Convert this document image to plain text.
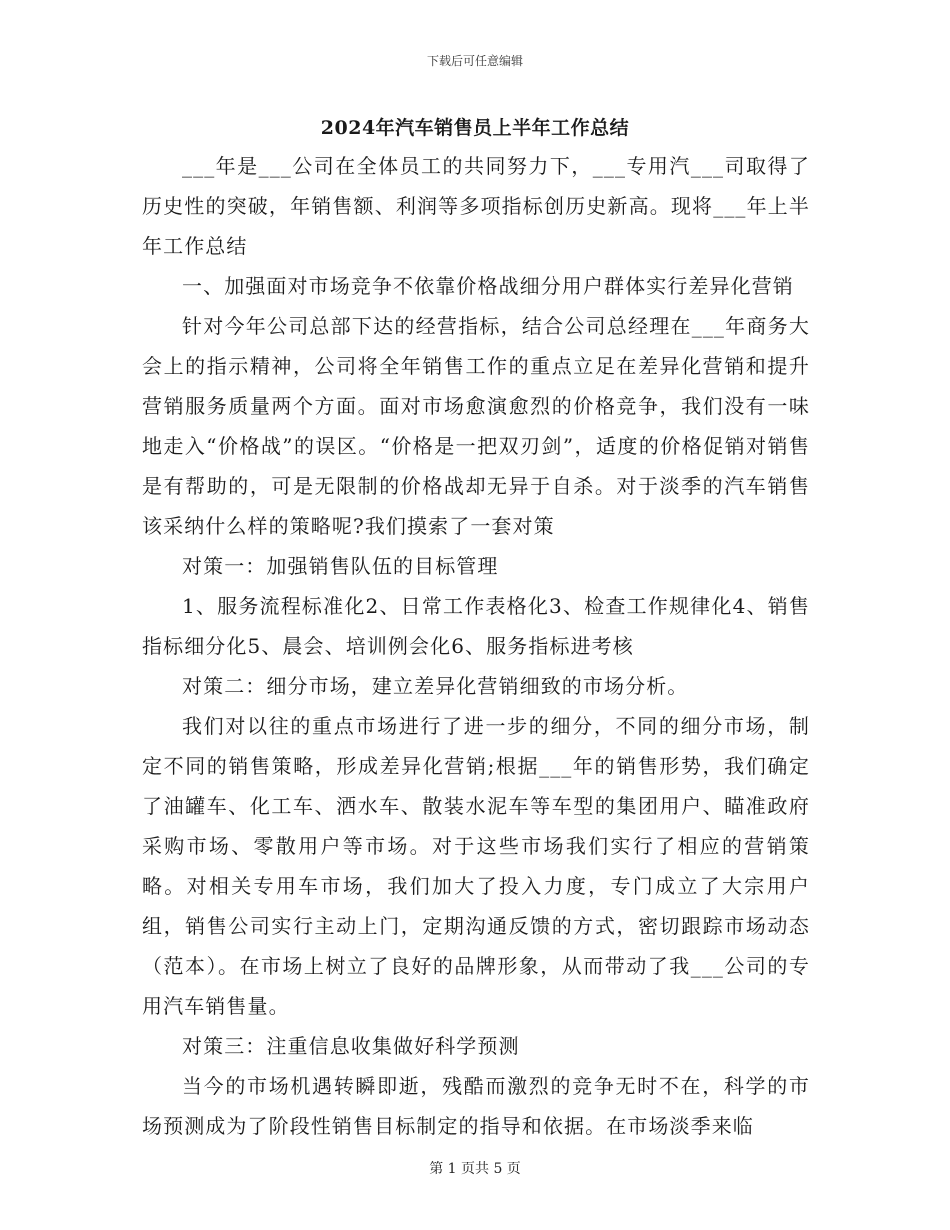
下载后可任意编辑
2024年汽车销售员上半年工作总结

___年是___公司在全体员工的共同努力下，___专用汽___司取得了历史性的突破，年销售额、利润等多项指标创历史新高。现将___年上半年工作总结

一、加强面对市场竞争不依靠价格战细分用户群体实行差异化营销

针对今年公司总部下达的经营指标，结合公司总经理在___年商务大会上的指示精神，公司将全年销售工作的重点立足在差异化营销和提升营销服务质量两个方面。面对市场愈演愈烈的价格竞争，我们没有一味地走入“价格战”的误区。“价格是一把双刃剑”，适度的价格促销对销售是有帮助的，可是无限制的价格战却无异于自杀。对于淡季的汽车销售该采纳什么样的策略呢?我们摸索了一套对策

对策一：加强销售队伍的目标管理

1、服务流程标准化2、日常工作表格化3、检查工作规律化4、销售指标细分化5、晨会、培训例会化6、服务指标进考核

对策二：细分市场，建立差异化营销细致的市场分析。

我们对以往的重点市场进行了进一步的细分，不同的细分市场，制定不同的销售策略，形成差异化营销;根据___年的销售形势，我们确定了油罐车、化工车、洒水车、散装水泥车等车型的集团用户、瞄准政府采购市场、零散用户等市场。对于这些市场我们实行了相应的营销策略。对相关专用车市场，我们加大了投入力度，专门成立了大宗用户组，销售公司实行主动上门，定期沟通反馈的方式，密切跟踪市场动态（范本）。在市场上树立了良好的品牌形象，从而带动了我___公司的专用汽车销售量。

对策三：注重信息收集做好科学预测

当今的市场机遇转瞬即逝，残酷而激烈的竞争无时不在，科学的市场预测成为了阶段性销售目标制定的指导和依据。在市场淡季来临

第 1 页共 5 页
